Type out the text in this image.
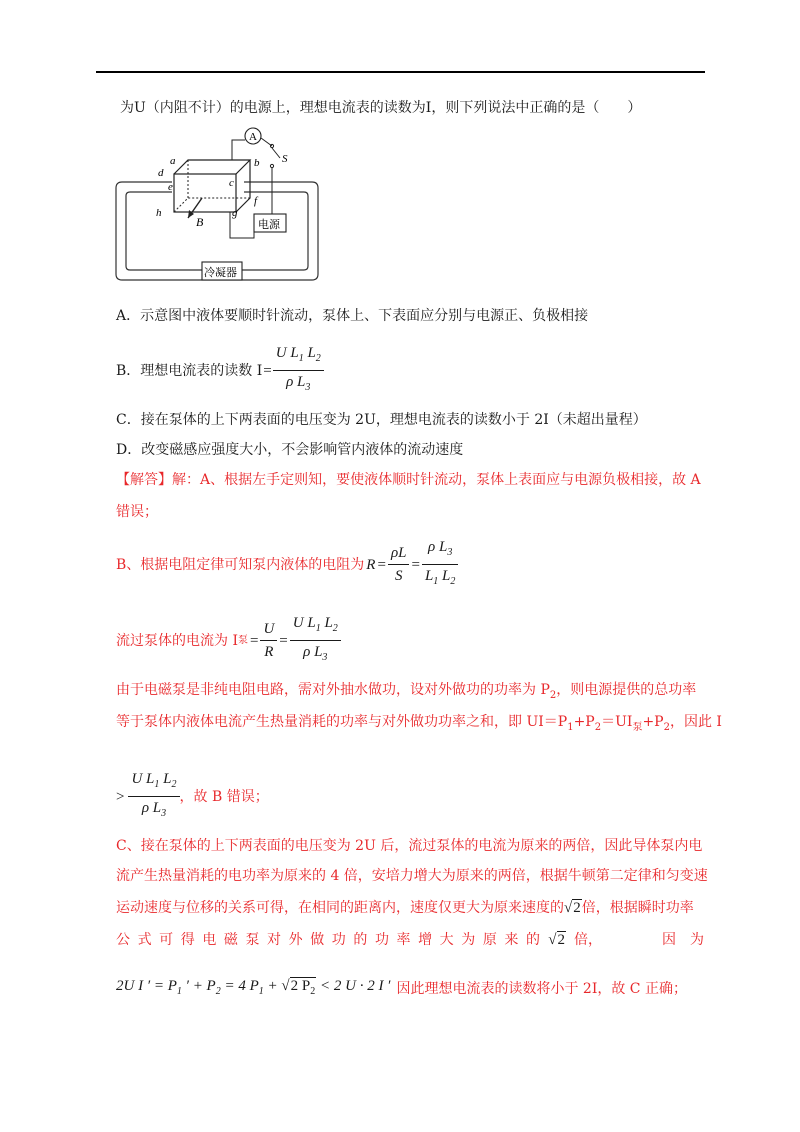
为U（内阻不计）的电源上，理想电流表的读数为I，则下列说法中正确的是（　　）
A
S
电源
冷凝器
B
a	b
c
d
e
f
g
h
A．示意图中液体要顺时针流动，泵体上、下表面应分别与电源正、负极相接
B．理想电流表的读数 $I = \frac{U L_1 L_2}{\rho L_3}$
C．接在泵体的上下两表面的电压变为 2U，理想电流表的读数小于 2I（未超出量程）
D．改变磁感应强度大小，不会影响管内液体的流动速度
【解答】解：A、根据左手定则知，要使液体顺时针流动，泵体上表面应与电源负极相接，故 A
错误；
B、根据电阻定律可知泵内液体的电阻为 $R = \frac{\rho L}{S} = \frac{\rho L_3}{L_1 L_2}$
流过泵体的电流为 I 泵 = $\frac{U}{R} = \frac{U L_1 L_2}{\rho L_3}$
由于电磁泵是非纯电阻电路，需对外抽水做功，设对外做功的功率为 $P_2$，则电源提供的总功率
等于泵体内液体电流产生热量消耗的功率与对外做功功率之和，即 $UI=P_1+P_2=UI_泵+P_2$，因此 I
> $\frac{U L_1 L_2}{\rho L_3}$ ，故 B 错误；
C、接在泵体的上下两表面的电压变为 2U 后，流过泵体的电流为原来的两倍，因此导体泵内电
流产生热量消耗的电功率为原来的 4 倍，安培力增大为原来的两倍，根据牛顿第二定律和匀变速
运动速度与位移的关系可得，在相同的距离内，速度仅更大为原来速度的 √2 倍，根据瞬时功率
公 式 可 得 电 磁 泵 对 外 做 功 的 功 率 增 大 为 原 来 的 √2 倍，	因　为
2U I ′ = $P_1$ ′ + $P_2 = 4$ $P_1 + √2$ $P_2 < 2$ U · 2 I ′ 因此理想电流表的读数将小于 2I，故 C 正确；
